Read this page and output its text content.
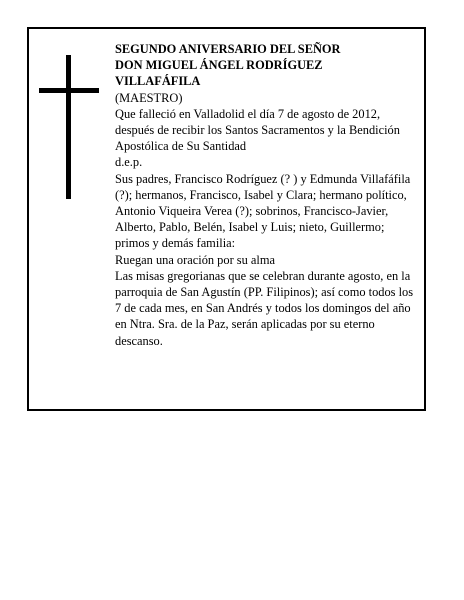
SEGUNDO ANIVERSARIO DEL SEÑOR

DON MIGUEL ÁNGEL RODRÍGUEZ

VILLAFÁFILA

(MAESTRO)

Que falleció en Valladolid el día 7 de agosto de 2012, después de recibir los Santos Sacramentos y la Bendición Apostólica de Su Santidad

d.e.p.

Sus padres, Francisco Rodríguez (? ) y Edmunda Villafáfila (?); hermanos, Francisco, Isabel y Clara; hermano político, Antonio Viqueira Verea (?); sobrinos, Francisco-Javier, Alberto, Pablo, Belén, Isabel y Luis; nieto, Guillermo; primos y demás familia:

Ruegan una oración por su alma

Las misas gregorianas que se celebran durante agosto, en la parroquia de San Agustín (PP. Filipinos); así como todos los 7 de cada mes, en San Andrés y todos los domingos del año en Ntra. Sra. de la Paz, serán aplicadas por su eterno descanso.
